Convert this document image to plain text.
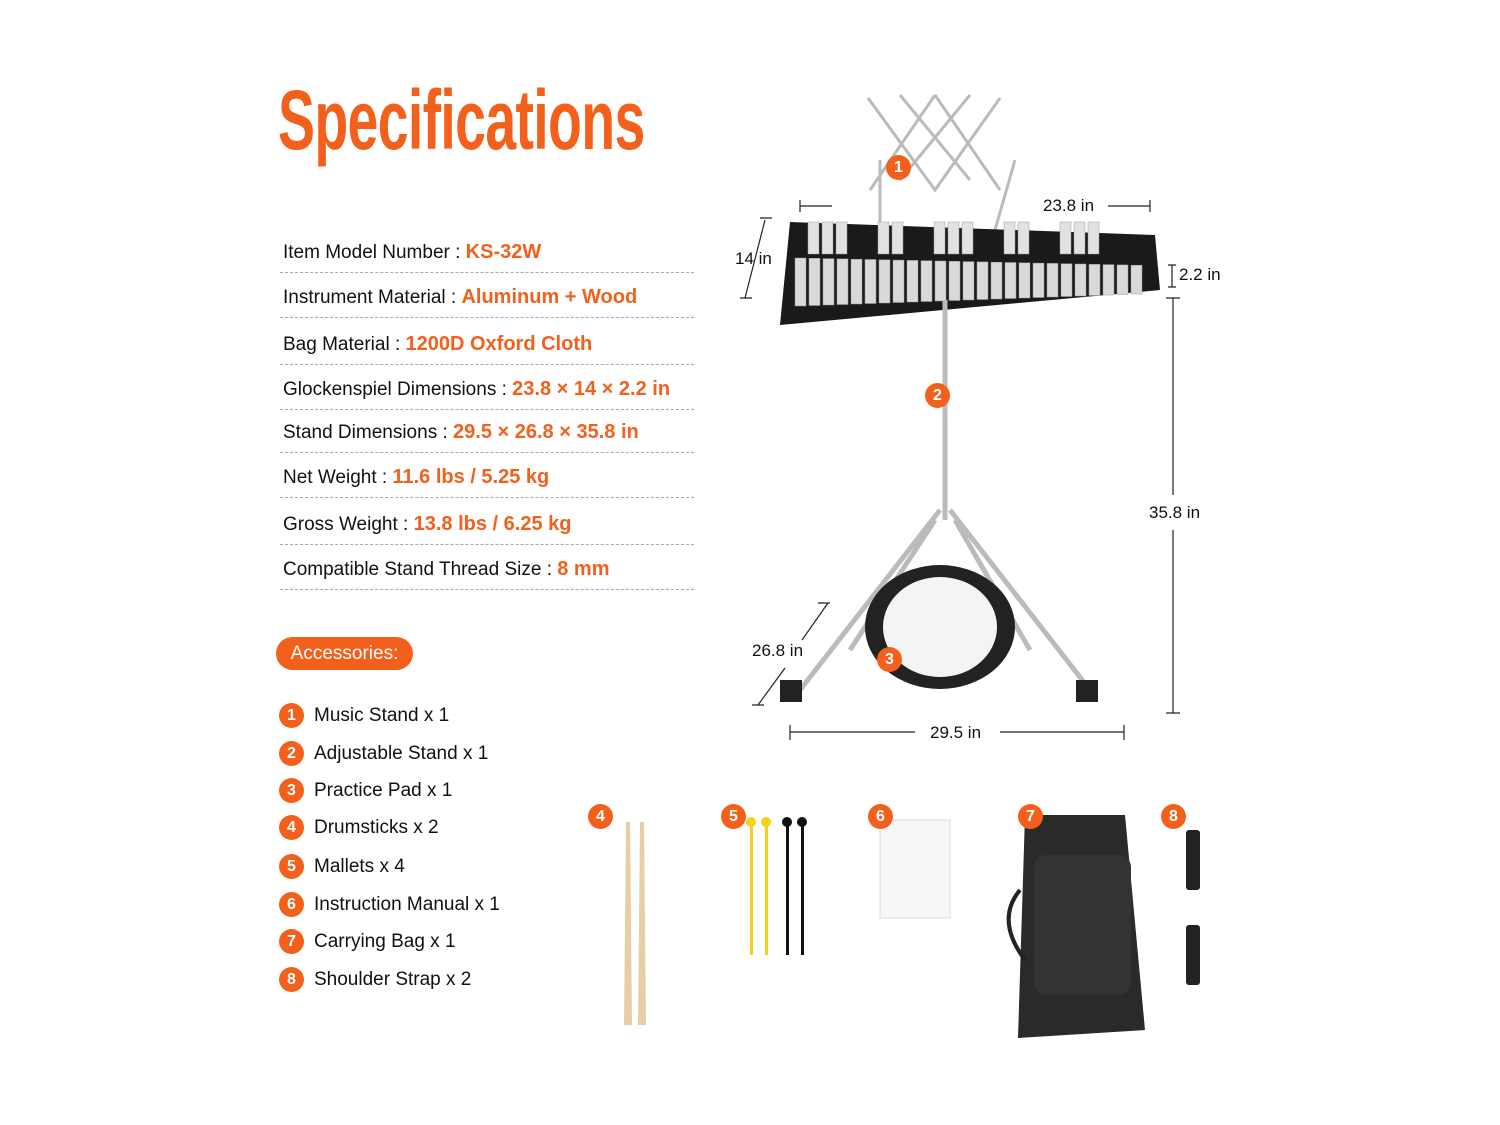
Specifications
Item Model Number : KS-32W
Instrument Material : Aluminum + Wood
Bag Material : 1200D Oxford Cloth
Glockenspiel Dimensions : 23.8 × 14 × 2.2 in
Stand Dimensions : 29.5 × 26.8 × 35.8 in
Net Weight : 11.6 lbs / 5.25 kg
Gross Weight : 13.8 lbs / 6.25 kg
Compatible Stand Thread Size : 8 mm
Accessories:
1 Music Stand x 1
2 Adjustable Stand x 1
3 Practice Pad x 1
4 Drumsticks x 2
5 Mallets x 4
6 Instruction Manual x 1
7 Carrying Bag x 1
8 Shoulder Strap x 2
23.8 in
14 in
2.2 in
35.8 in
26.8 in
29.5 in
1
2
3
4	5	6	7	8
